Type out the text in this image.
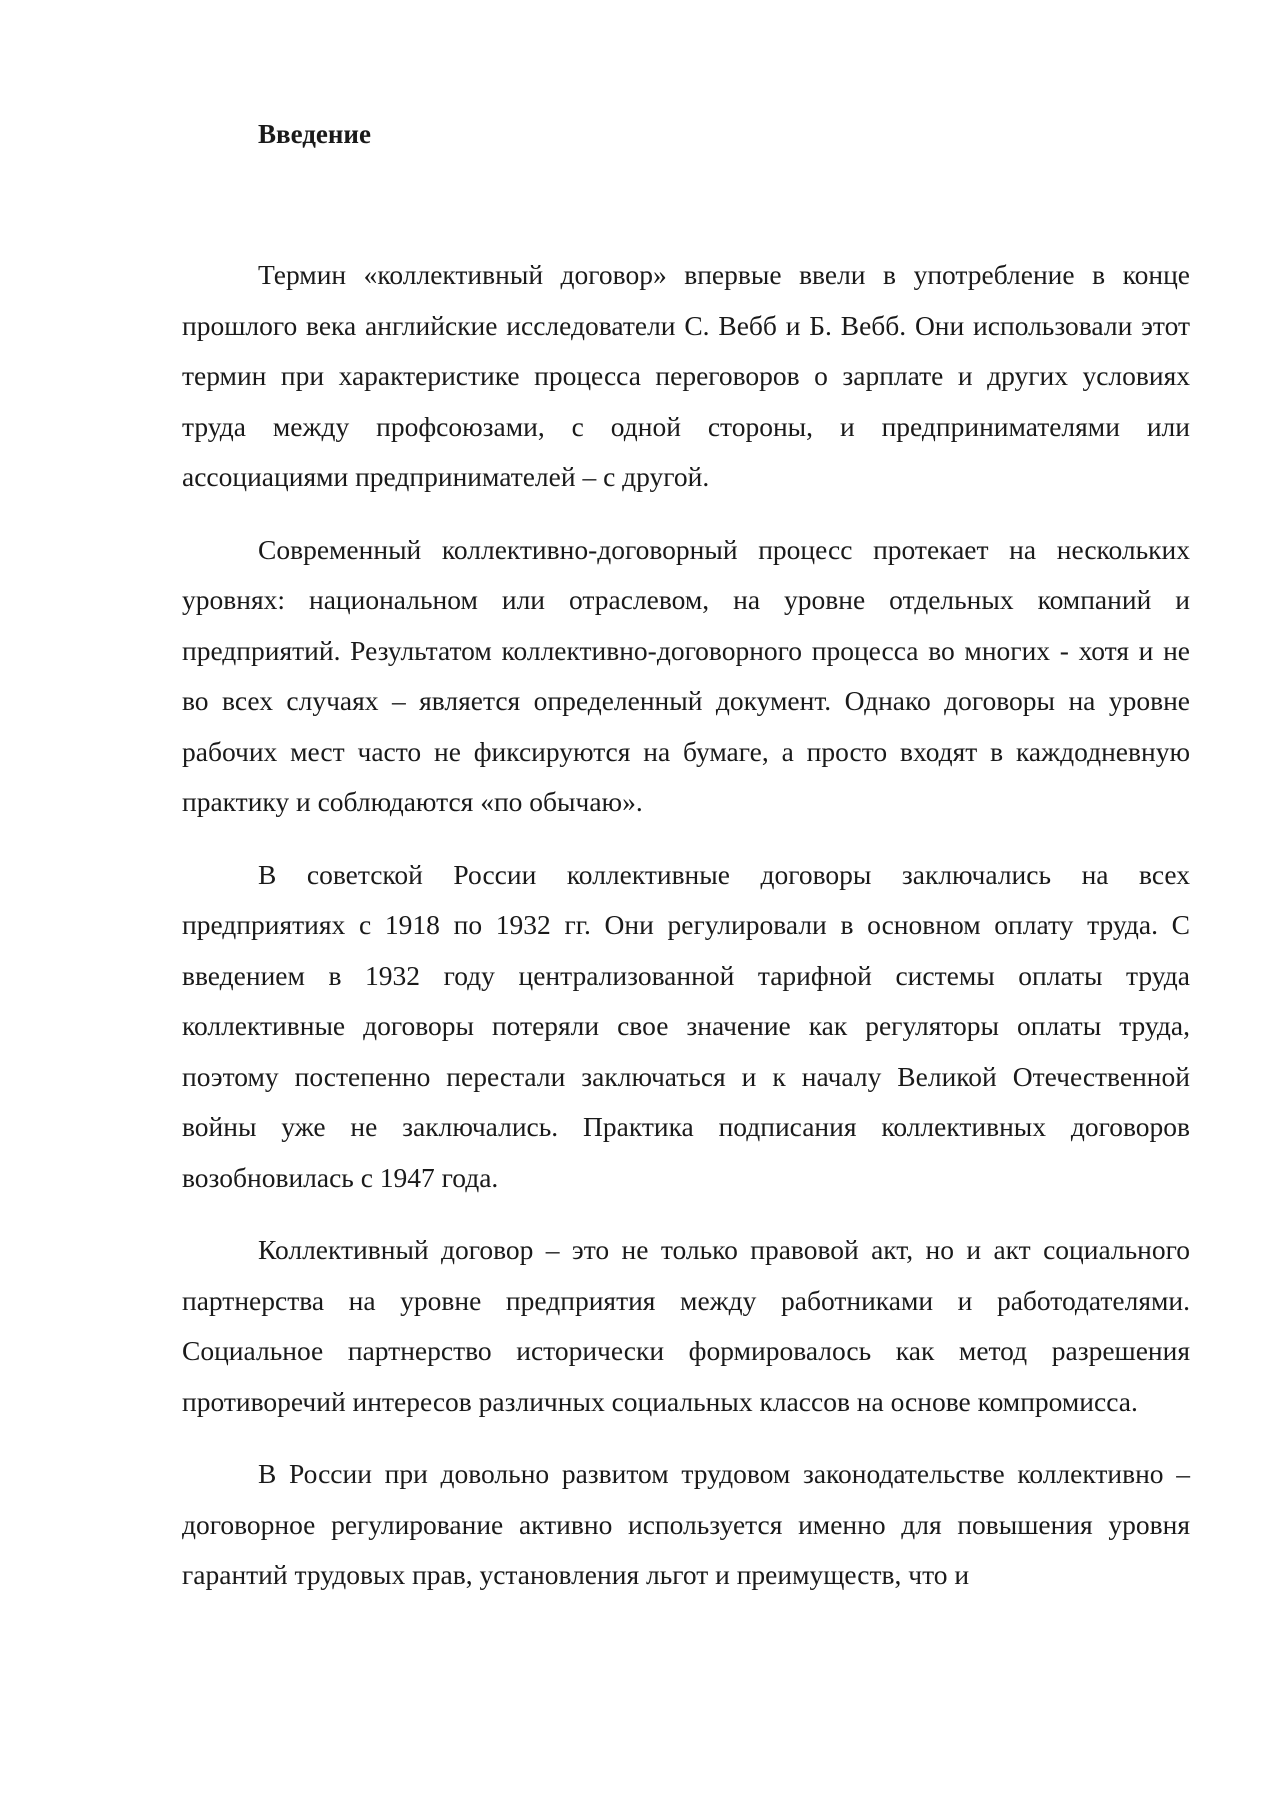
Введение

Термин «коллективный договор» впервые ввели в употребление в конце прошлого века английские исследователи С. Вебб и Б. Вебб. Они использовали этот термин при характеристике процесса переговоров о зарплате и других условиях труда между профсоюзами, с одной стороны, и предпринимателями или ассоциациями предпринимателей – с другой.

Современный коллективно-договорный процесс протекает на нескольких уровнях: национальном или отраслевом, на уровне отдельных компаний и предприятий. Результатом коллективно-договорного процесса во многих - хотя и не во всех случаях – является определенный документ. Однако договоры на уровне рабочих мест часто не фиксируются на бумаге, а просто входят в каждодневную практику и соблюдаются «по обычаю».

В советской России коллективные договоры заключались на всех предприятиях с 1918 по 1932 гг. Они регулировали в основном оплату труда. С введением в 1932 году централизованной тарифной системы оплаты труда коллективные договоры потеряли свое значение как регуляторы оплаты труда, поэтому постепенно перестали заключаться и к началу Великой Отечественной войны уже не заключались. Практика подписания коллективных договоров возобновилась с 1947 года.

Коллективный договор – это не только правовой акт, но и акт социального партнерства на уровне предприятия между работниками и работодателями. Социальное партнерство исторически формировалось как метод разрешения противоречий интересов различных социальных классов на основе компромисса.

В России при довольно развитом трудовом законодательстве коллективно – договорное регулирование активно используется именно для повышения уровня гарантий трудовых прав, установления льгот и преимуществ, что и
